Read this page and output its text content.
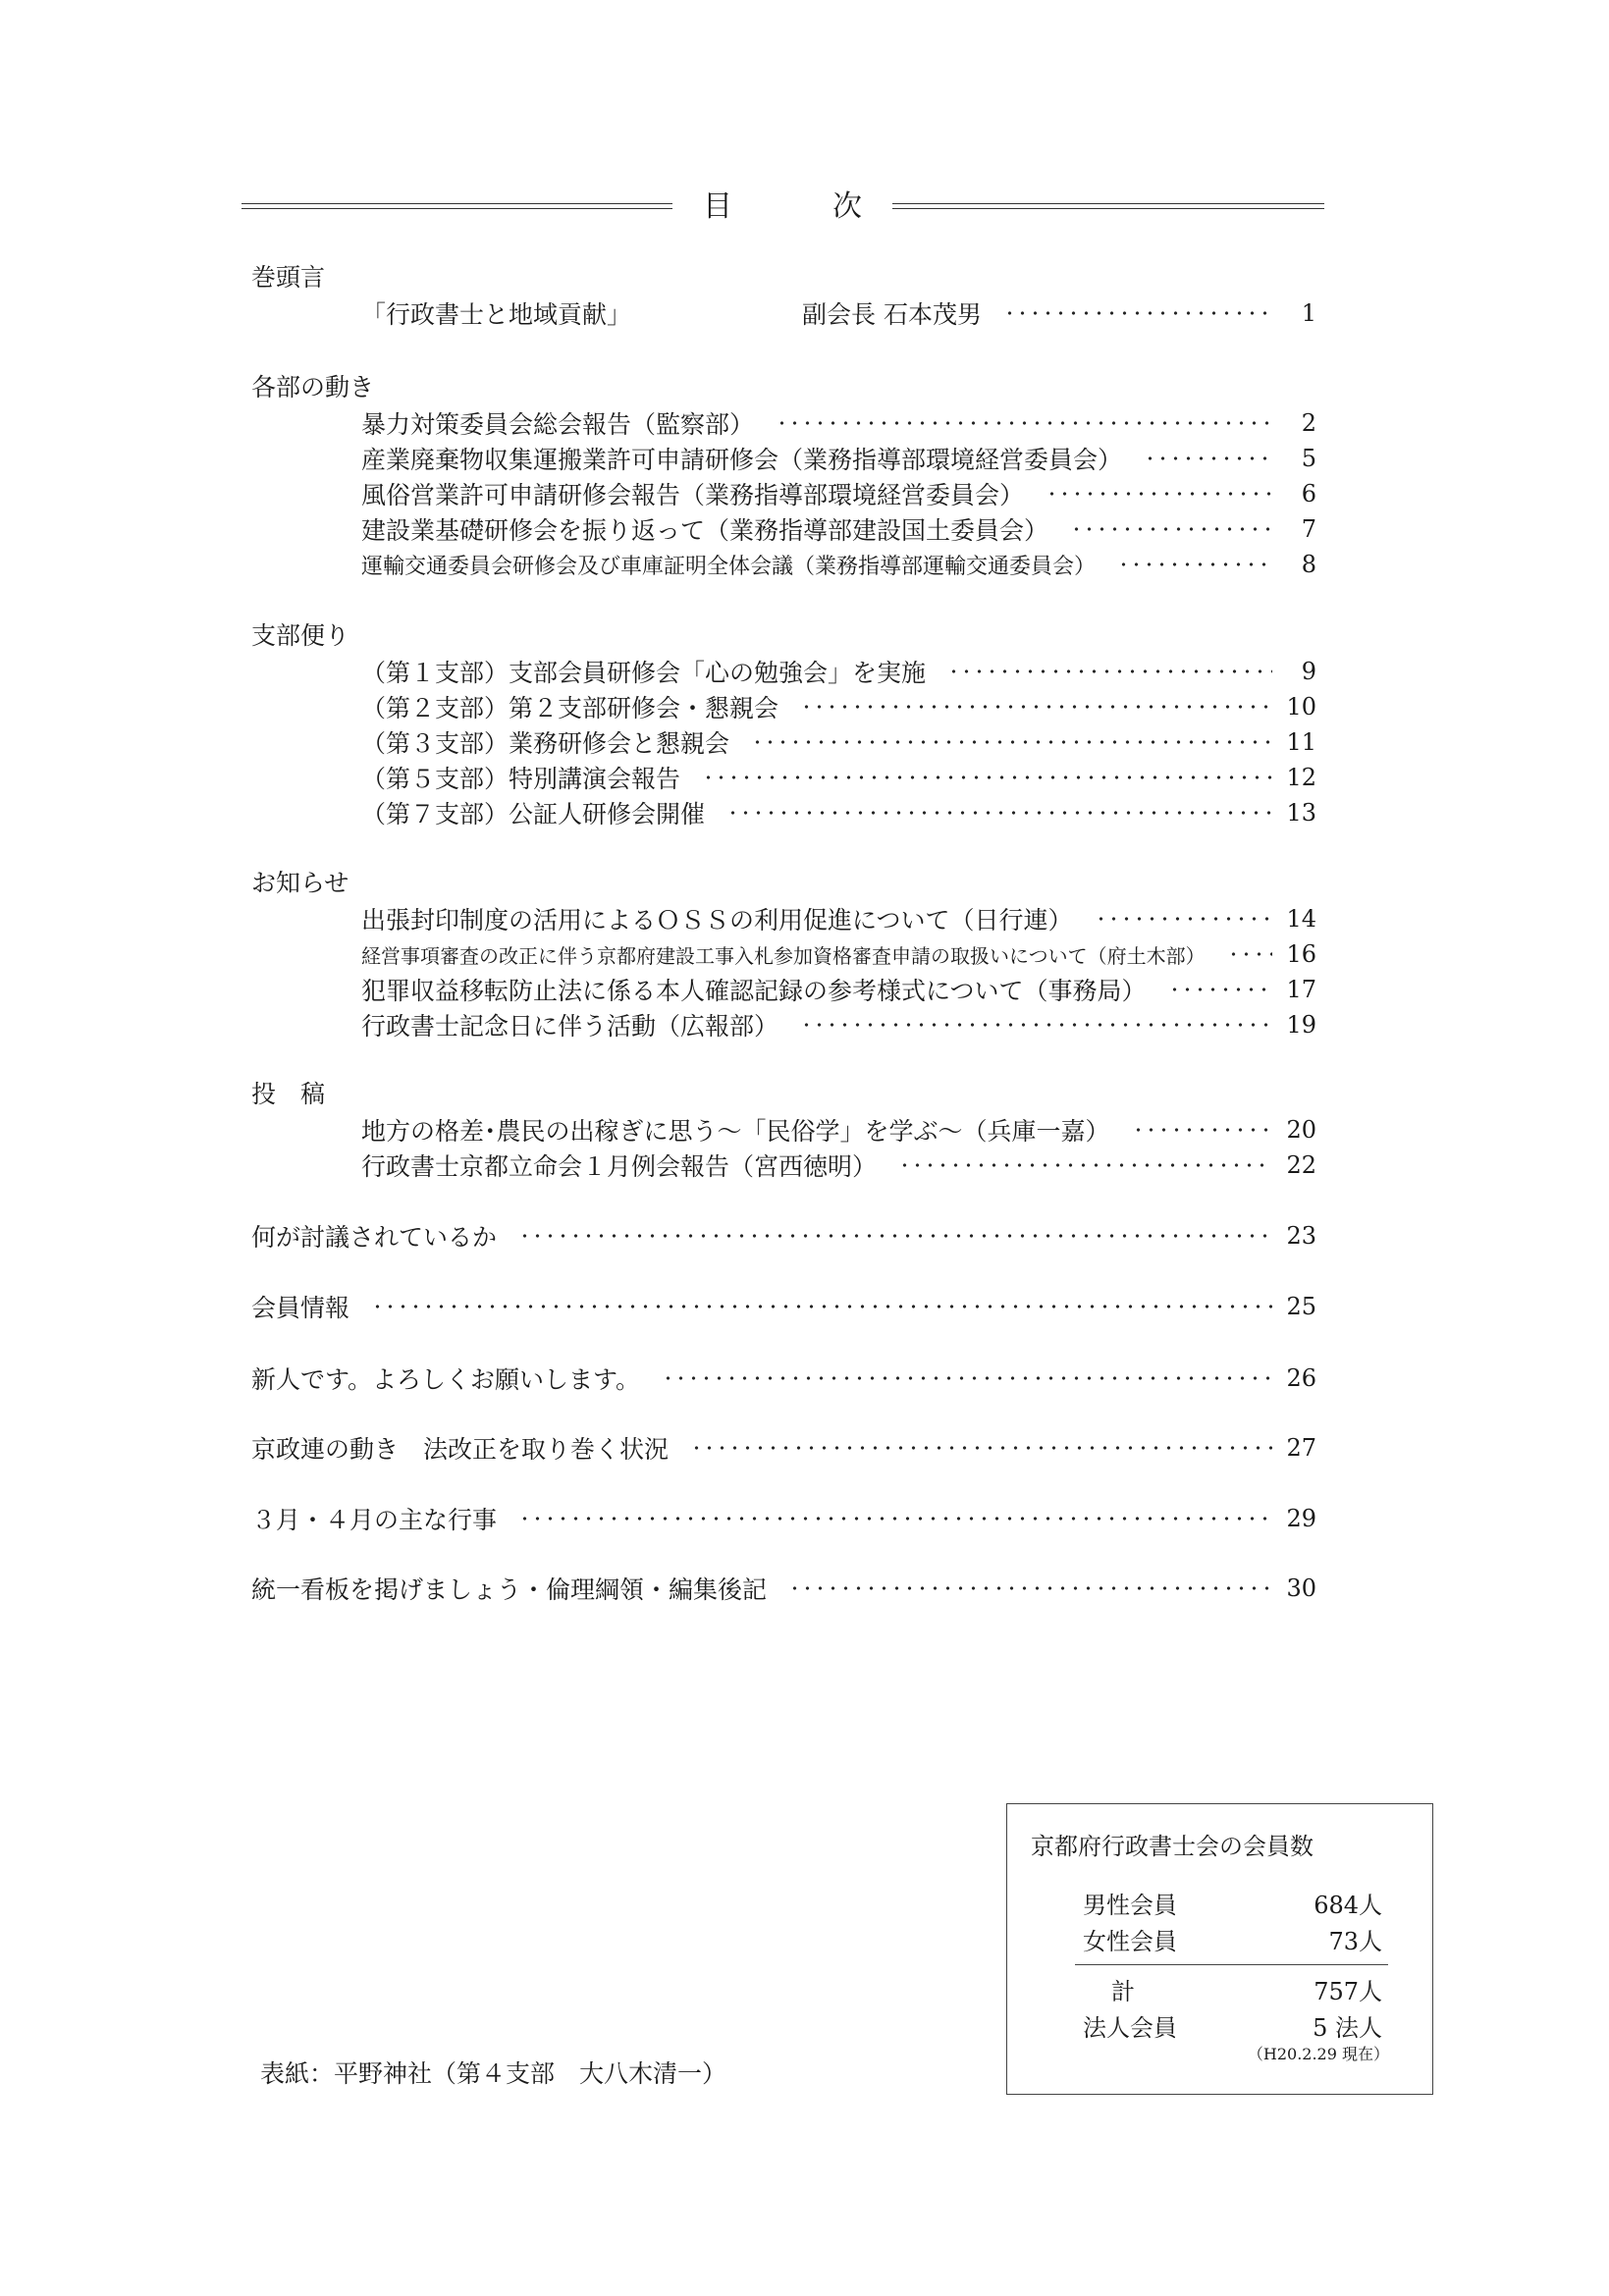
目　　次
巻頭言
「行政書士と地域貢献」	副会長 石本茂男	1
各部の動き
暴力対策委員会総会報告（監察部）	2
産業廃棄物収集運搬業許可申請研修会（業務指導部環境経営委員会）	5
風俗営業許可申請研修会報告（業務指導部環境経営委員会）	6
建設業基礎研修会を振り返って（業務指導部建設国土委員会）	7
運輸交通委員会研修会及び車庫証明全体会議（業務指導部運輸交通委員会）	8
支部便り
（第１支部）支部会員研修会「心の勉強会」を実施	9
（第２支部）第２支部研修会・懇親会	10
（第３支部）業務研修会と懇親会	11
（第５支部）特別講演会報告	12
（第７支部）公証人研修会開催	13
お知らせ
出張封印制度の活用によるＯＳＳの利用促進について（日行連）	14
経営事項審査の改正に伴う京都府建設工事入札参加資格審査申請の取扱いについて（府土木部）	16
犯罪収益移転防止法に係る本人確認記録の参考様式について（事務局）	17
行政書士記念日に伴う活動（広報部）	19
投　稿
地方の格差･農民の出稼ぎに思う～「民俗学」を学ぶ～（兵庫一嘉）	20
行政書士京都立命会１月例会報告（宮西徳明）	22
何が討議されているか	23
会員情報	25
新人です。よろしくお願いします。	26
京政連の動き　法改正を取り巻く状況	27
３月・４月の主な行事	29
統一看板を掲げましょう・倫理綱領・編集後記	30
京都府行政書士会の会員数
男性会員	684人
女性会員	73人
計	757人
法人会員	5 法人
（H20.2.29 現在）
表紙：平野神社（第４支部　大八木清一）
